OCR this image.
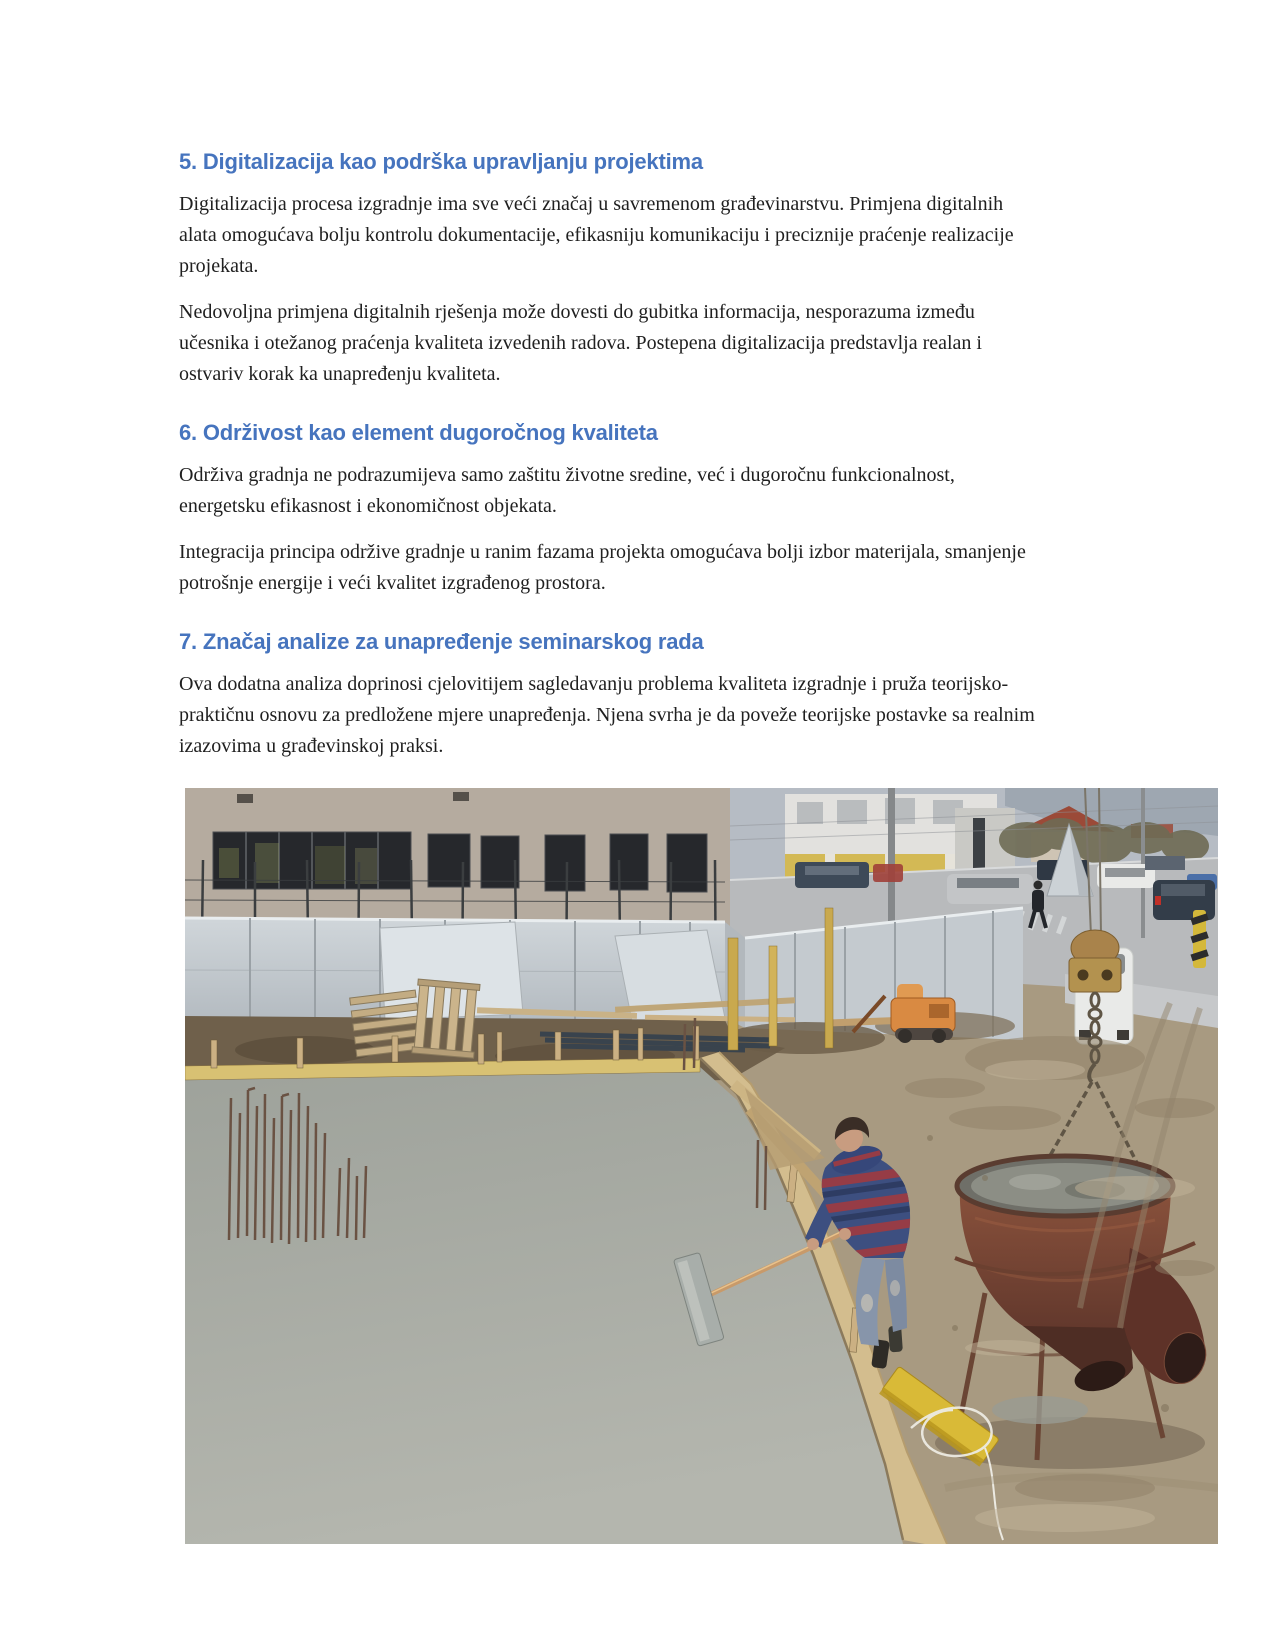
5. Digitalizacija kao podrška upravljanju projektima

Digitalizacija procesa izgradnje ima sve veći značaj u savremenom građevinarstvu. Primjena digitalnih alata omogućava bolju kontrolu dokumentacije, efikasniju komunikaciju i preciznije praćenje realizacije projekata.

Nedovoljna primjena digitalnih rješenja može dovesti do gubitka informacija, nesporazuma između učesnika i otežanog praćenja kvaliteta izvedenih radova. Postepena digitalizacija predstavlja realan i ostvariv korak ka unapređenju kvaliteta.

6. Održivost kao element dugoročnog kvaliteta

Održiva gradnja ne podrazumijeva samo zaštitu životne sredine, već i dugoročnu funkcionalnost, energetsku efikasnost i ekonomičnost objekata.

Integracija principa održive gradnje u ranim fazama projekta omogućava bolji izbor materijala, smanjenje potrošnje energije i veći kvalitet izgrađenog prostora.

7. Značaj analize za unapređenje seminarskog rada

Ova dodatna analiza doprinosi cjelovitijem sagledavanju problema kvaliteta izgradnje i pruža teorijsko-praktičnu osnovu za predložene mjere unapređenja. Njena svrha je da poveže teorijske postavke sa realnim izazovima u građevinskoj praksi.
